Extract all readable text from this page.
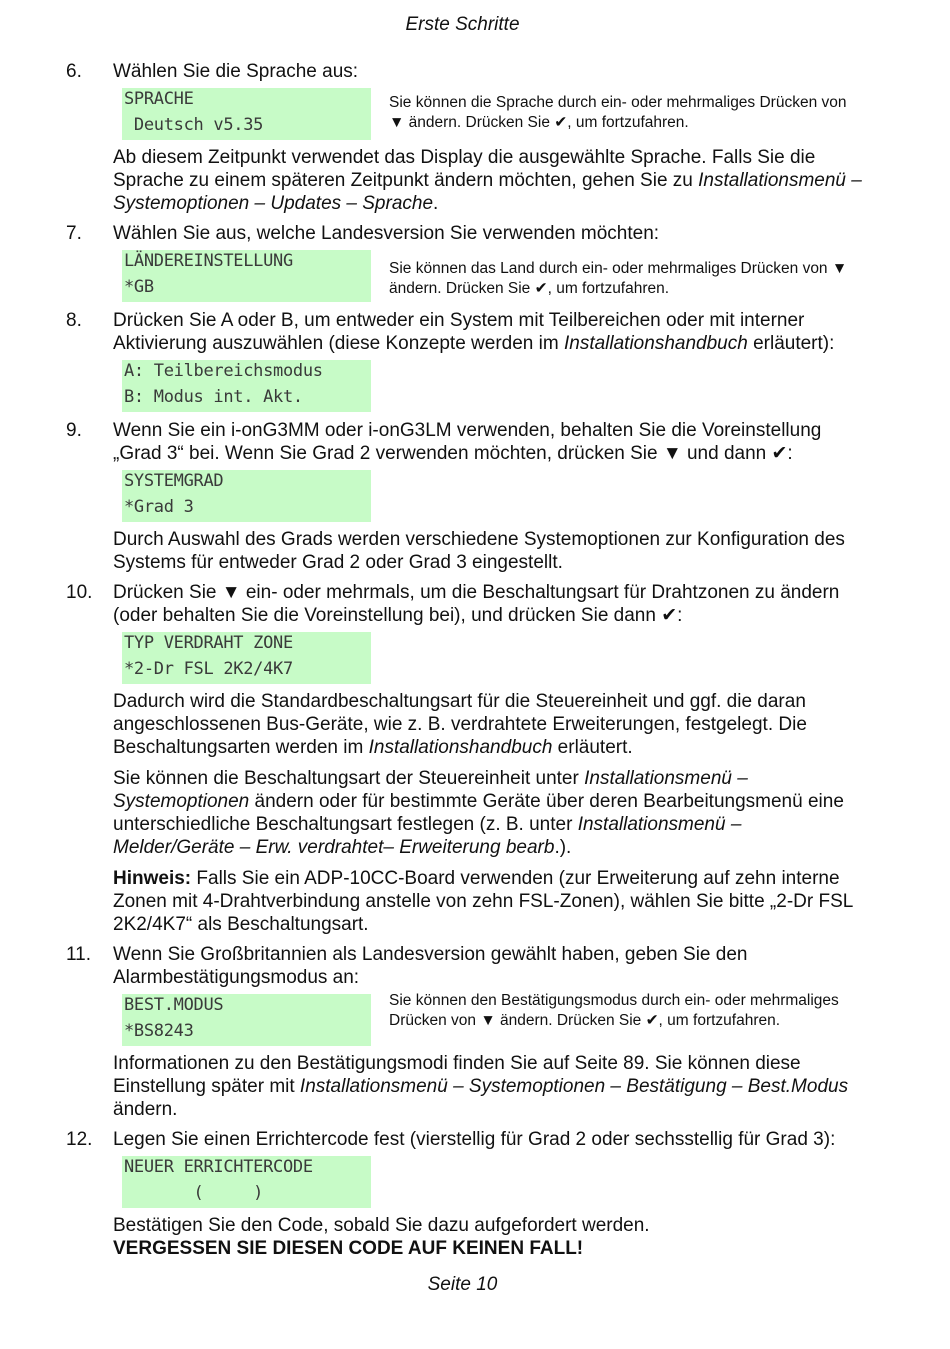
Erste Schritte
6. Wählen Sie die Sprache aus:

SPRACHE
Deutsch v5.35
Sie können die Sprache durch ein- oder mehrmaliges Drücken von ▼ ändern. Drücken Sie ✔, um fortzufahren.

Ab diesem Zeitpunkt verwendet das Display die ausgewählte Sprache. Falls Sie die Sprache zu einem späteren Zeitpunkt ändern möchten, gehen Sie zu Installationsmenü – Systemoptionen – Updates – Sprache.

7. Wählen Sie aus, welche Landesversion Sie verwenden möchten:

LÄNDEREINSTELLUNG
*GB
Sie können das Land durch ein- oder mehrmaliges Drücken von ▼ ändern. Drücken Sie ✔, um fortzufahren.
8. Drücken Sie A oder B, um entweder ein System mit Teilbereichen oder mit interner Aktivierung auszuwählen (diese Konzepte werden im Installationshandbuch erläutert):

A: Teilbereichsmodus
B: Modus int. Akt.
9. Wenn Sie ein i-onG3MM oder i-onG3LM verwenden, behalten Sie die Voreinstellung „Grad 3“ bei. Wenn Sie Grad 2 verwenden möchten, drücken Sie ▼ und dann ✔:

SYSTEMGRAD
*Grad 3

Durch Auswahl des Grads werden verschiedene Systemoptionen zur Konfiguration des Systems für entweder Grad 2 oder Grad 3 eingestellt.

10. Drücken Sie ▼ ein- oder mehrmals, um die Beschaltungsart für Drahtzonen zu ändern (oder behalten Sie die Voreinstellung bei), und drücken Sie dann ✔:

TYP VERDRAHT ZONE
*2-Dr FSL 2K2/4K7

Dadurch wird die Standardbeschaltungsart für die Steuereinheit und ggf. die daran angeschlossenen Bus-Geräte, wie z. B. verdrahtete Erweiterungen, festgelegt. Die Beschaltungsarten werden im Installationshandbuch erläutert.

Sie können die Beschaltungsart der Steuereinheit unter Installationsmenü – Systemoptionen ändern oder für bestimmte Geräte über deren Bearbeitungsmenü eine unterschiedliche Beschaltungsart festlegen (z. B. unter Installationsmenü – Melder/Geräte – Erw. verdrahtet– Erweiterung bearb.).

Hinweis: Falls Sie ein ADP-10CC-Board verwenden (zur Erweiterung auf zehn interne Zonen mit 4-Drahtverbindung anstelle von zehn FSL-Zonen), wählen Sie bitte „2-Dr FSL 2K2/4K7“ als Beschaltungsart.

11. Wenn Sie Großbritannien als Landesversion gewählt haben, geben Sie den Alarmbestätigungsmodus an:

BEST.MODUS
*BS8243
Sie können den Bestätigungsmodus durch ein- oder mehrmaliges Drücken von ▼ ändern. Drücken Sie ✔, um fortzufahren.

Informationen zu den Bestätigungsmodi finden Sie auf Seite 89. Sie können diese Einstellung später mit Installationsmenü – Systemoptionen – Bestätigung – Best.Modus ändern.

12. Legen Sie einen Errichtercode fest (vierstellig für Grad 2 oder sechsstellig für Grad 3):

NEUER ERRICHTERCODE
(     )

Bestätigen Sie den Code, sobald Sie dazu aufgefordert werden.

VERGESSEN SIE DIESEN CODE AUF KEINEN FALL!

Seite 10
